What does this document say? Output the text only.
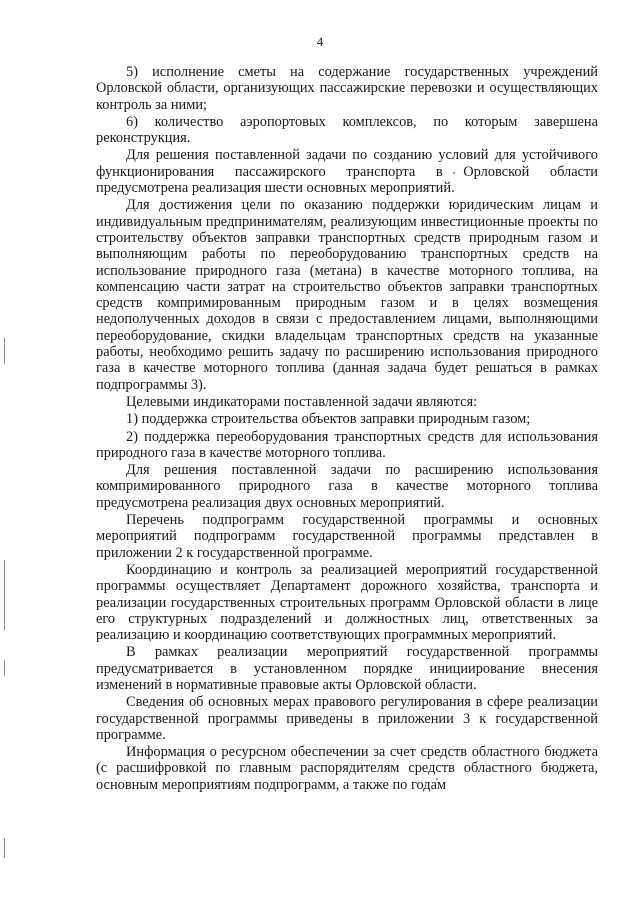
4

5) исполнение сметы на содержание государственных учреждений Орловской области, организующих пассажирские перевозки и осуществляющих контроль за ними;

6) количество аэропортовых комплексов, по которым завершена реконструкция.

Для решения поставленной задачи по созданию условий для устойчивого функционирования пассажирского транспорта в Орловской области предусмотрена реализация шести основных мероприятий.

Для достижения цели по оказанию поддержки юридическим лицам и индивидуальным предпринимателям, реализующим инвестиционные проекты по строительству объектов заправки транспортных средств природным газом и выполняющим работы по переоборудованию транспортных средств на использование природного газа (метана) в качестве моторного топлива, на компенсацию части затрат на строительство объектов заправки транспортных средств компримированным природным газом и в целях возмещения недополученных доходов в связи с предоставлением лицами, выполняющими переоборудование, скидки владельцам транспортных средств на указанные работы, необходимо решить задачу по расширению использования природного газа в качестве моторного топлива (данная задача будет решаться в рамках подпрограммы 3).

Целевыми индикаторами поставленной задачи являются:

1) поддержка строительства объектов заправки природным газом;

2) поддержка переоборудования транспортных средств для использования природного газа в качестве моторного топлива.

Для решения поставленной задачи по расширению использования компримированного природного газа в качестве моторного топлива предусмотрена реализация двух основных мероприятий.

Перечень подпрограмм государственной программы и основных мероприятий подпрограмм государственной программы представлен в приложении 2 к государственной программе.

Координацию и контроль за реализацией мероприятий государственной программы осуществляет Департамент дорожного хозяйства, транспорта и реализации государственных строительных программ Орловской области в лице его структурных подразделений и должностных лиц, ответственных за реализацию и координацию соответствующих программных мероприятий.

В рамках реализации мероприятий государственной программы предусматривается в установленном порядке инициирование внесения изменений в нормативные правовые акты Орловской области.

Сведения об основных мерах правового регулирования в сфере реализации государственной программы приведены в приложении 3 к государственной программе.

Информация о ресурсном обеспечении за счет средств областного бюджета (с расшифровкой по главным распорядителям средств областного бюджета, основным мероприятиям подпрограмм, а также по годам
